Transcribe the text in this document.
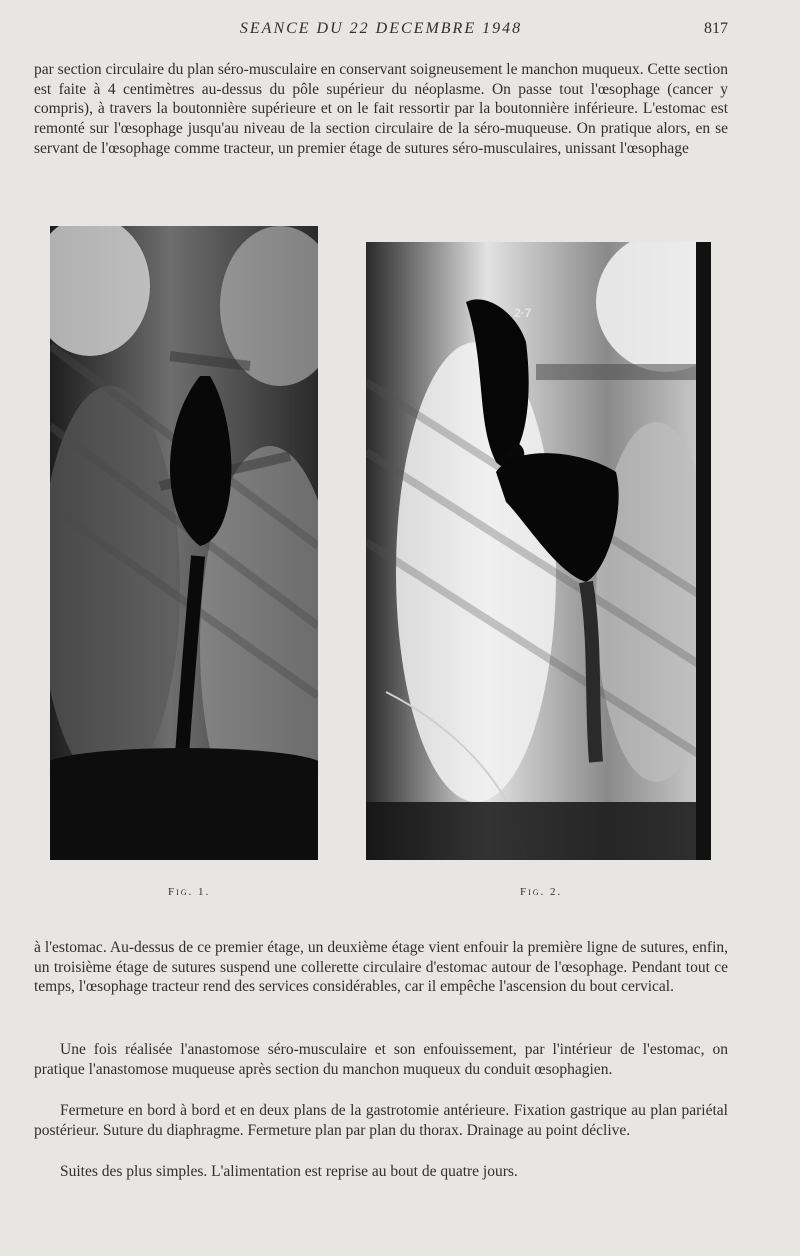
SEANCE DU 22 DECEMBRE 1948	817

par section circulaire du plan séro-musculaire en conservant soigneusement le manchon muqueux. Cette section est faite à 4 centimètres au-dessus du pôle supérieur du néoplasme. On passe tout l'œsophage (cancer y compris), à travers la boutonnière supérieure et on le fait ressortir par la boutonnière inférieure. L'estomac est remonté sur l'œsophage jusqu'au niveau de la section circulaire de la séro-muqueuse. On pratique alors, en se servant de l'œsophage comme tracteur, un premier étage de sutures séro-musculaires, unissant l'œsophage

2·7
Fig. 1.	Fig. 2.

à l'estomac. Au-dessus de ce premier étage, un deuxième étage vient enfouir la première ligne de sutures, enfin, un troisième étage de sutures suspend une collerette circulaire d'estomac autour de l'œsophage. Pendant tout ce temps, l'œsophage tracteur rend des services considérables, car il empêche l'ascension du bout cervical.

Une fois réalisée l'anastomose séro-musculaire et son enfouissement, par l'intérieur de l'estomac, on pratique l'anastomose muqueuse après section du manchon muqueux du conduit œsophagien.

Fermeture en bord à bord et en deux plans de la gastrotomie antérieure. Fixation gastrique au plan pariétal postérieur. Suture du diaphragme. Fermeture plan par plan du thorax. Drainage au point déclive.

Suites des plus simples. L'alimentation est reprise au bout de quatre jours.
